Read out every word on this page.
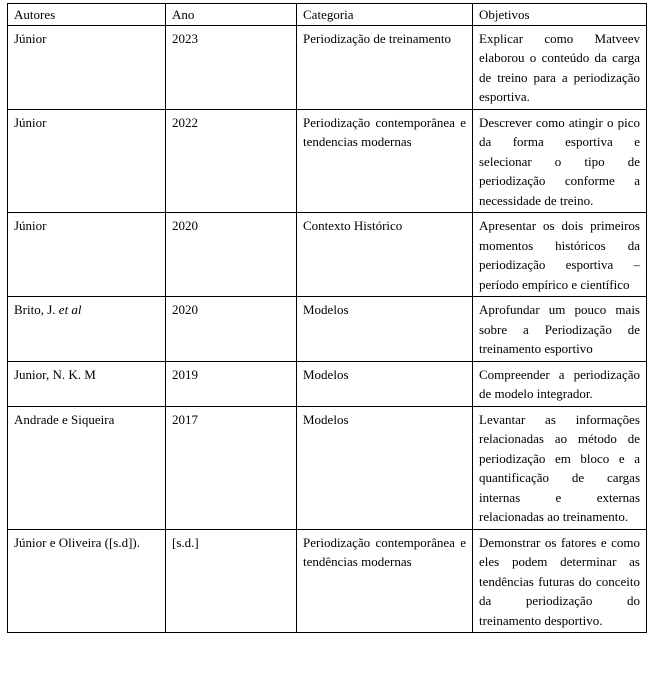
Autores	Ano	Categoria	Objetivos
Júnior	2023	Periodização de treinamento	Explicar como Matveev elaborou o conteúdo da carga de treino para a periodização esportiva.
Júnior	2022	Periodização contemporânea e tendencias modernas	Descrever como atingir o pico da forma esportiva e selecionar o tipo de periodização conforme a necessidade de treino.
Júnior	2020	Contexto Histórico	Apresentar os dois primeiros momentos históricos da periodização esportiva – período empírico e científico
Brito, J. et al	2020	Modelos	Aprofundar um pouco mais sobre a Periodização de treinamento esportivo
Junior, N. K. M	2019	Modelos	Compreender a periodização de modelo integrador.
Andrade e Siqueira	2017	Modelos	Levantar as informações relacionadas ao método de periodização em bloco e a quantificação de cargas internas e externas relacionadas ao treinamento.
Júnior e Oliveira ([s.d]).	[s.d.]	Periodização contemporânea e tendências modernas	Demonstrar os fatores e como eles podem determinar as tendências futuras do conceito da periodização do treinamento desportivo.
